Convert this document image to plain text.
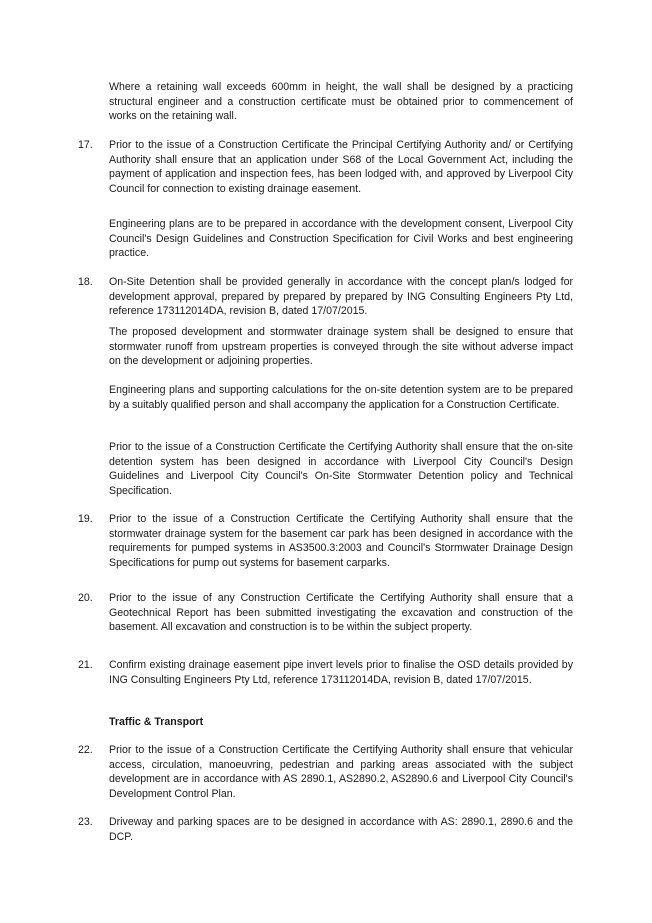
Where a retaining wall exceeds 600mm in height, the wall shall be designed by a practicing structural engineer and a construction certificate must be obtained prior to commencement of works on the retaining wall.

17. Prior to the issue of a Construction Certificate the Principal Certifying Authority and/ or Certifying Authority shall ensure that an application under S68 of the Local Government Act, including the payment of application and inspection fees, has been lodged with, and approved by Liverpool City Council for connection to existing drainage easement.

Engineering plans are to be prepared in accordance with the development consent, Liverpool City Council's Design Guidelines and Construction Specification for Civil Works and best engineering practice.

18. On-Site Detention shall be provided generally in accordance with the concept plan/s lodged for development approval, prepared by prepared by prepared by ING Consulting Engineers Pty Ltd, reference 173112014DA, revision B, dated 17/07/2015.

The proposed development and stormwater drainage system shall be designed to ensure that stormwater runoff from upstream properties is conveyed through the site without adverse impact on the development or adjoining properties.

Engineering plans and supporting calculations for the on-site detention system are to be prepared by a suitably qualified person and shall accompany the application for a Construction Certificate.

Prior to the issue of a Construction Certificate the Certifying Authority shall ensure that the on-site detention system has been designed in accordance with Liverpool City Council's Design Guidelines and Liverpool City Council's On-Site Stormwater Detention policy and Technical Specification.

19. Prior to the issue of a Construction Certificate the Certifying Authority shall ensure that the stormwater drainage system for the basement car park has been designed in accordance with the requirements for pumped systems in AS3500.3:2003 and Council's Stormwater Drainage Design Specifications for pump out systems for basement carparks.

20. Prior to the issue of any Construction Certificate the Certifying Authority shall ensure that a Geotechnical Report has been submitted investigating the excavation and construction of the basement. All excavation and construction is to be within the subject property.

21. Confirm existing drainage easement pipe invert levels prior to finalise the OSD details provided by ING Consulting Engineers Pty Ltd, reference 173112014DA, revision B, dated 17/07/2015.

Traffic & Transport

22. Prior to the issue of a Construction Certificate the Certifying Authority shall ensure that vehicular access, circulation, manoeuvring, pedestrian and parking areas associated with the subject development are in accordance with AS 2890.1, AS2890.2, AS2890.6 and Liverpool City Council's Development Control Plan.

23. Driveway and parking spaces are to be designed in accordance with AS: 2890.1, 2890.6 and the DCP.
